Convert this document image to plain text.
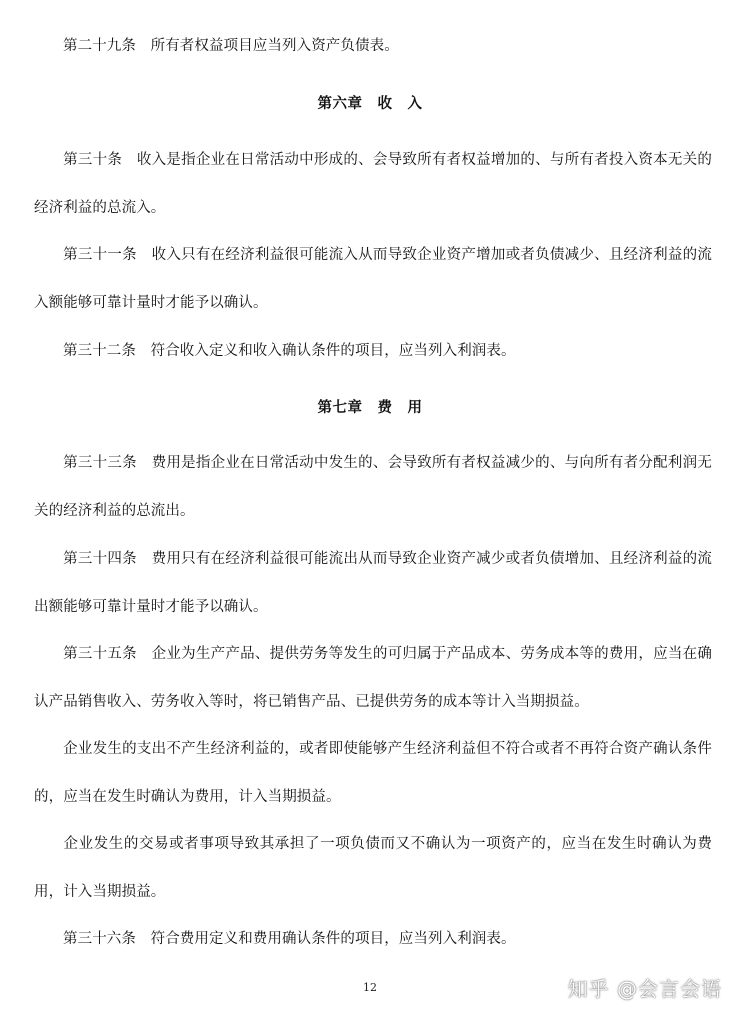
第二十九条　所有者权益项目应当列入资产负债表。

第六章　收　入

第三十条　收入是指企业在日常活动中形成的、会导致所有者权益增加的、与所有者投入资本无关的经济利益的总流入。

第三十一条　收入只有在经济利益很可能流入从而导致企业资产增加或者负债减少、且经济利益的流入额能够可靠计量时才能予以确认。

第三十二条　符合收入定义和收入确认条件的项目，应当列入利润表。

第七章　费　用

第三十三条　费用是指企业在日常活动中发生的、会导致所有者权益减少的、与向所有者分配利润无关的经济利益的总流出。

第三十四条　费用只有在经济利益很可能流出从而导致企业资产减少或者负债增加、且经济利益的流出额能够可靠计量时才能予以确认。

第三十五条　企业为生产产品、提供劳务等发生的可归属于产品成本、劳务成本等的费用，应当在确认产品销售收入、劳务收入等时，将已销售产品、已提供劳务的成本等计入当期损益。

企业发生的支出不产生经济利益的，或者即使能够产生经济利益但不符合或者不再符合资产确认条件的，应当在发生时确认为费用，计入当期损益。

企业发生的交易或者事项导致其承担了一项负债而又不确认为一项资产的，应当在发生时确认为费用，计入当期损益。

第三十六条　符合费用定义和费用确认条件的项目，应当列入利润表。

12	知乎 @会言会语
